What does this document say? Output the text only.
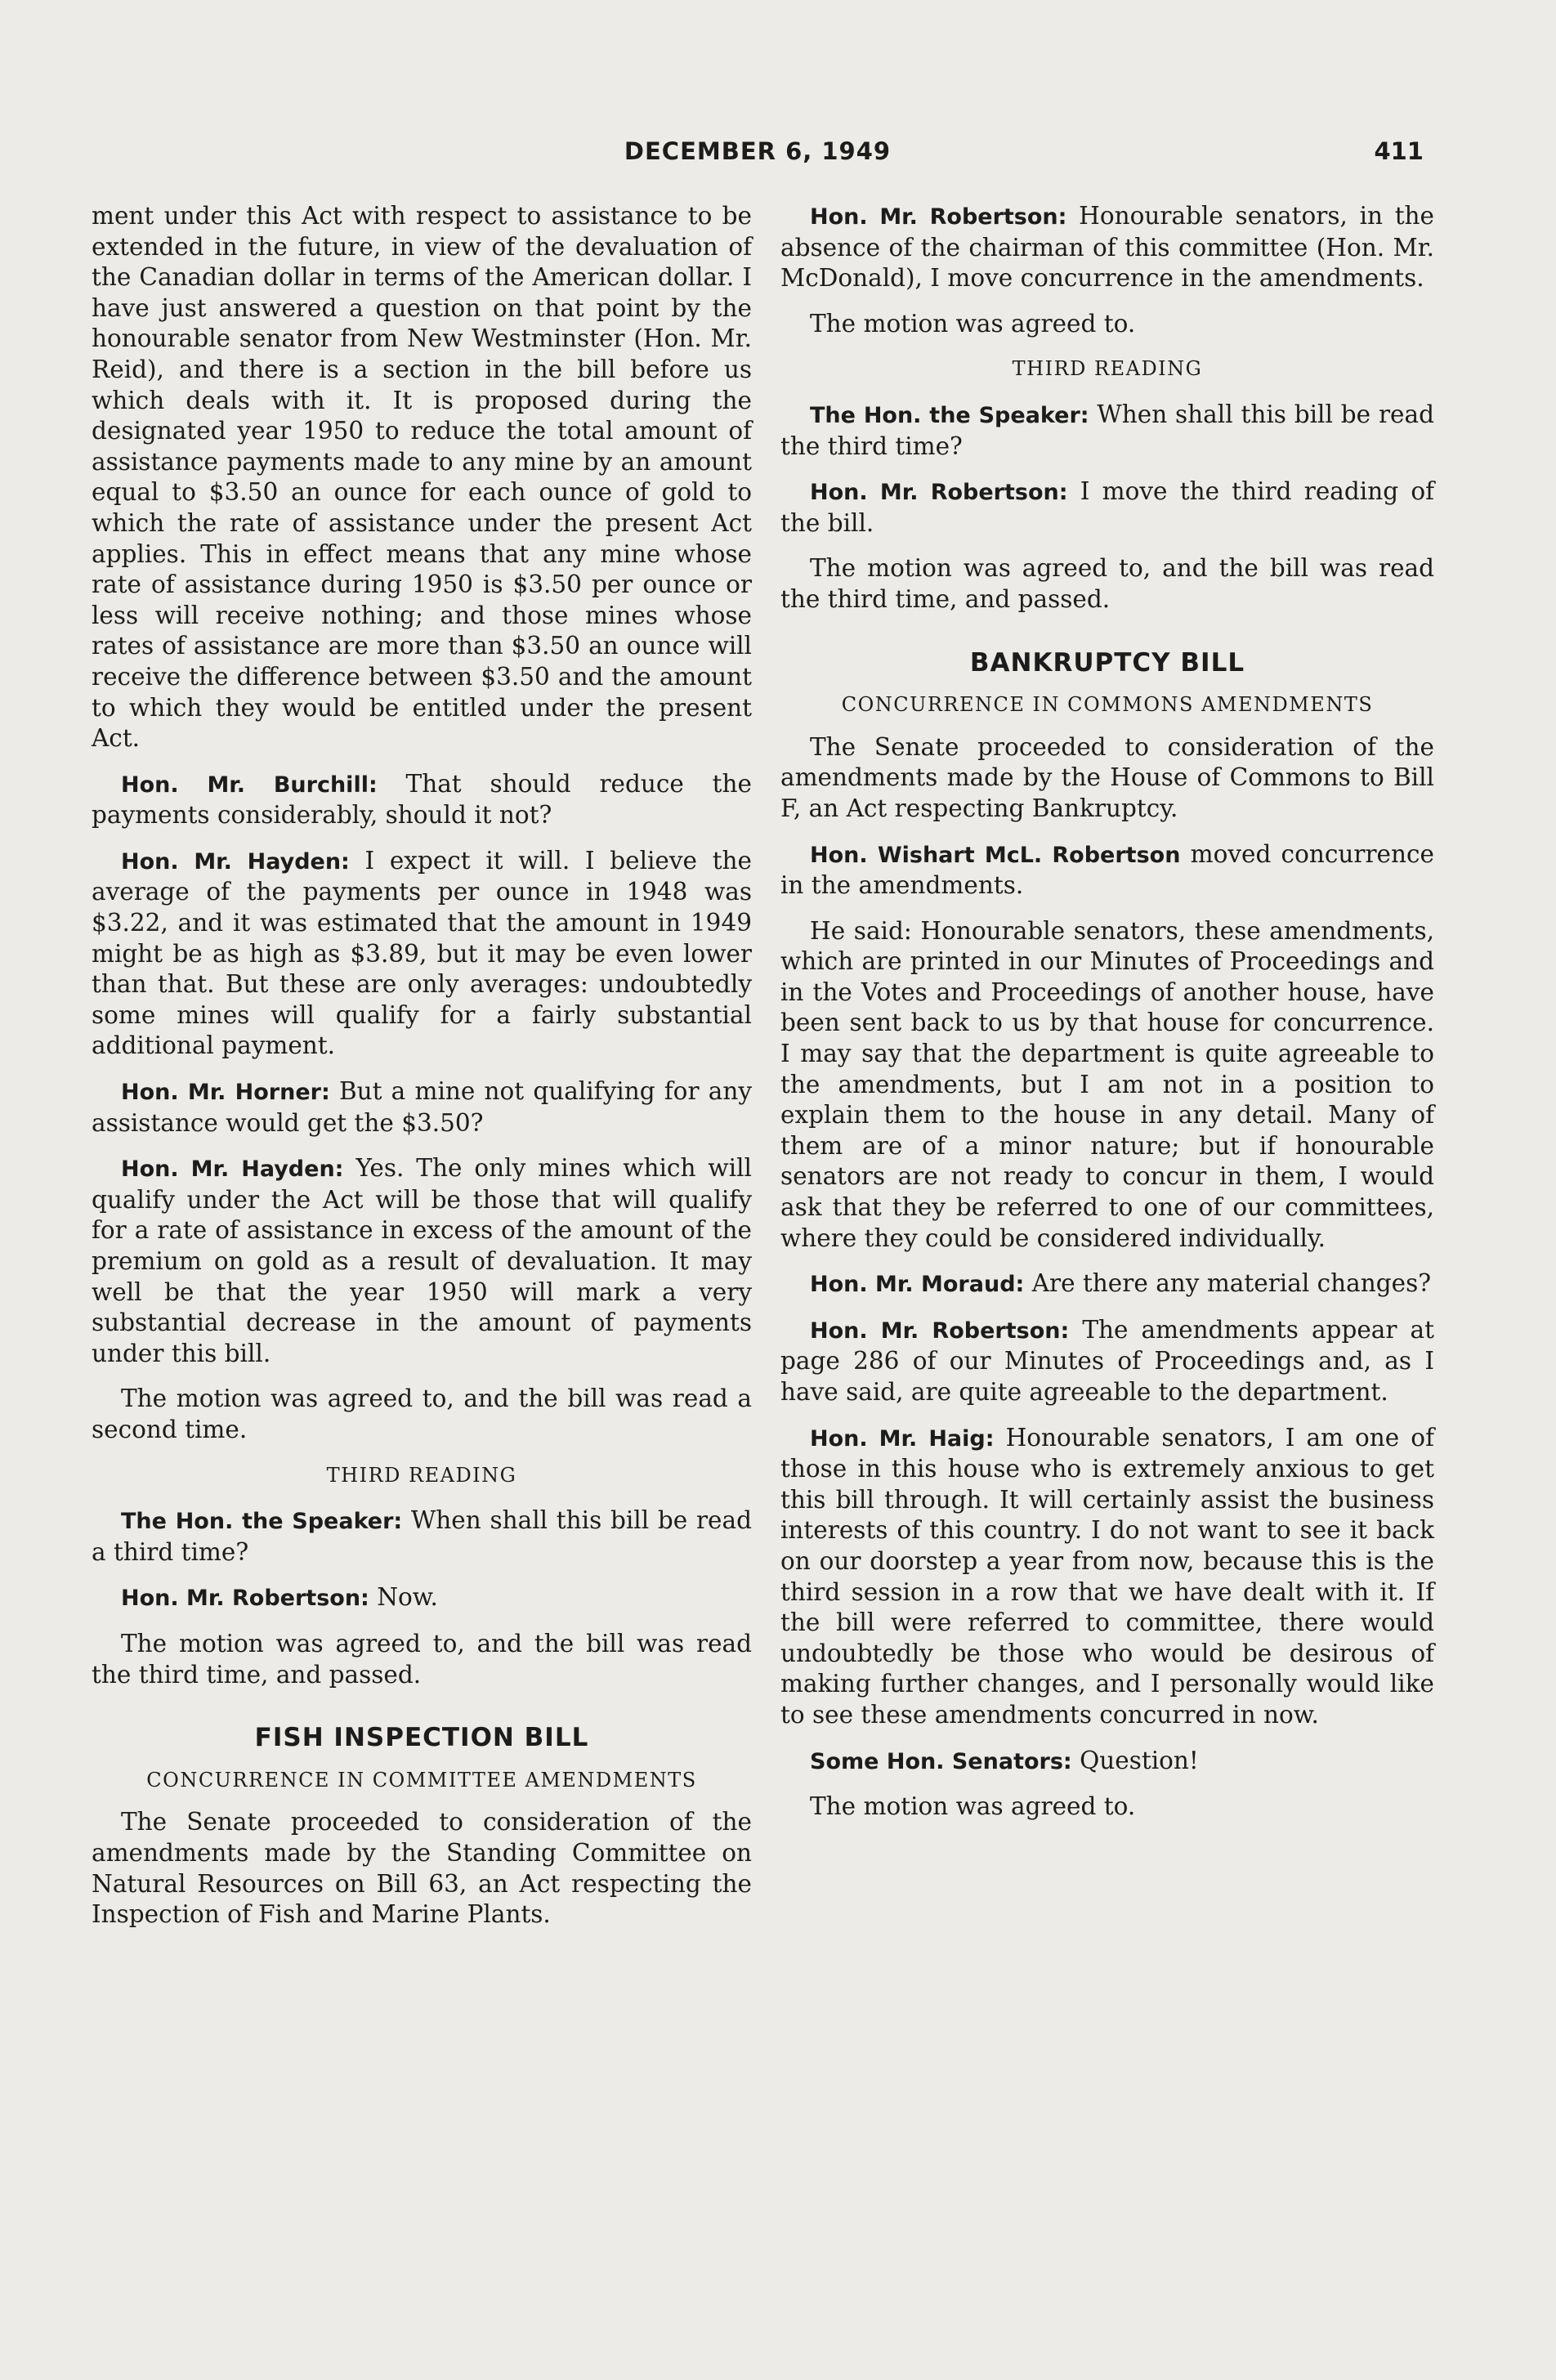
DECEMBER 6, 1949	411

ment under this Act with respect to assistance to be extended in the future, in view of the devaluation of the Canadian dollar in terms of the American dollar. I have just answered a question on that point by the honourable senator from New Westminster (Hon. Mr. Reid), and there is a section in the bill before us which deals with it. It is proposed during the designated year 1950 to reduce the total amount of assistance payments made to any mine by an amount equal to $3.50 an ounce for each ounce of gold to which the rate of assistance under the present Act applies. This in effect means that any mine whose rate of assistance during 1950 is $3.50 per ounce or less will receive nothing; and those mines whose rates of assistance are more than $3.50 an ounce will receive the difference between $3.50 and the amount to which they would be entitled under the present Act.

Hon. Mr. Burchill: That should reduce the payments considerably, should it not?

Hon. Mr. Hayden: I expect it will. I believe the average of the payments per ounce in 1948 was $3.22, and it was estimated that the amount in 1949 might be as high as $3.89, but it may be even lower than that. But these are only averages: undoubtedly some mines will qualify for a fairly substantial additional payment.

Hon. Mr. Horner: But a mine not qualifying for any assistance would get the $3.50?

Hon. Mr. Hayden: Yes. The only mines which will qualify under the Act will be those that will qualify for a rate of assistance in excess of the amount of the premium on gold as a result of devaluation. It may well be that the year 1950 will mark a very substantial decrease in the amount of payments under this bill.

The motion was agreed to, and the bill was read a second time.

THIRD READING

The Hon. the Speaker: When shall this bill be read a third time?

Hon. Mr. Robertson: Now.

The motion was agreed to, and the bill was read the third time, and passed.

FISH INSPECTION BILL
CONCURRENCE IN COMMITTEE AMENDMENTS

The Senate proceeded to consideration of the amendments made by the Standing Committee on Natural Resources on Bill 63, an Act respecting the Inspection of Fish and Marine Plants.

Hon. Mr. Robertson: Honourable senators, in the absence of the chairman of this committee (Hon. Mr. McDonald), I move concurrence in the amendments.

The motion was agreed to.

THIRD READING

The Hon. the Speaker: When shall this bill be read the third time?

Hon. Mr. Robertson: I move the third reading of the bill.

The motion was agreed to, and the bill was read the third time, and passed.

BANKRUPTCY BILL
CONCURRENCE IN COMMONS AMENDMENTS

The Senate proceeded to consideration of the amendments made by the House of Commons to Bill F, an Act respecting Bankruptcy.

Hon. Wishart McL. Robertson moved concurrence in the amendments.

He said: Honourable senators, these amendments, which are printed in our Minutes of Proceedings and in the Votes and Proceedings of another house, have been sent back to us by that house for concurrence. I may say that the department is quite agreeable to the amendments, but I am not in a position to explain them to the house in any detail. Many of them are of a minor nature; but if honourable senators are not ready to concur in them, I would ask that they be referred to one of our committees, where they could be considered individually.

Hon. Mr. Moraud: Are there any material changes?

Hon. Mr. Robertson: The amendments appear at page 286 of our Minutes of Proceedings and, as I have said, are quite agreeable to the department.

Hon. Mr. Haig: Honourable senators, I am one of those in this house who is extremely anxious to get this bill through. It will certainly assist the business interests of this country. I do not want to see it back on our doorstep a year from now, because this is the third session in a row that we have dealt with it. If the bill were referred to committee, there would undoubtedly be those who would be desirous of making further changes, and I personally would like to see these amendments concurred in now.

Some Hon. Senators: Question!

The motion was agreed to.
